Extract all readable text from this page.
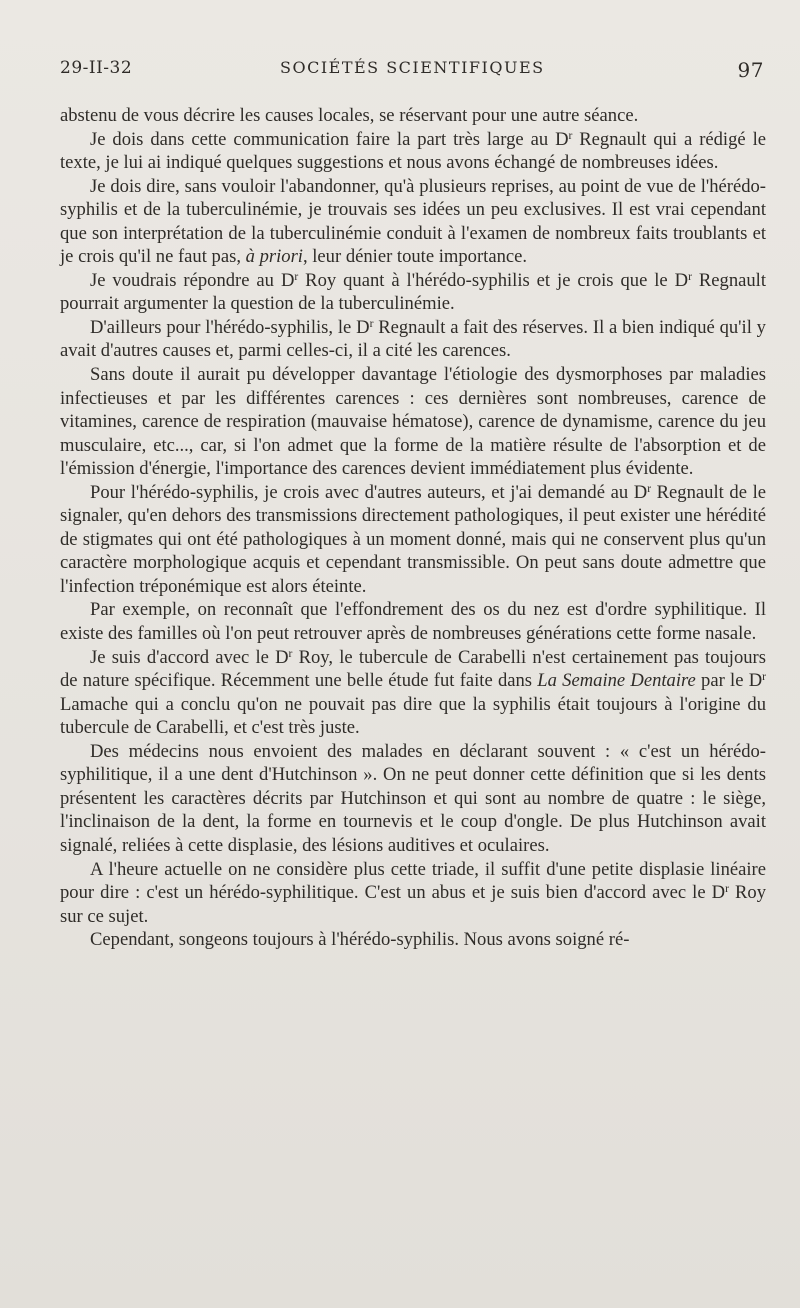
29-II-32	SOCIÉTÉS SCIENTIFIQUES	97

abstenu de vous décrire les causes locales, se réservant pour une autre séance.

Je dois dans cette communication faire la part très large au $D^r$ Regnault qui a rédigé le texte, je lui ai indiqué quelques suggestions et nous avons échangé de nombreuses idées.

Je dois dire, sans vouloir l'abandonner, qu'à plusieurs reprises, au point de vue de l'hérédo-syphilis et de la tuberculinémie, je trouvais ses idées un peu exclusives. Il est vrai cependant que son interprétation de la tuberculinémie conduit à l'examen de nombreux faits troublants et je crois qu'il ne faut pas, à priori, leur dénier toute importance.

Je voudrais répondre au $D^r$ Roy quant à l'hérédo-syphilis et je crois que le $D^r$ Regnault pourrait argumenter la question de la tuberculinémie.

D'ailleurs pour l'hérédo-syphilis, le $D^r$ Regnault a fait des réserves. Il a bien indiqué qu'il y avait d'autres causes et, parmi celles-ci, il a cité les carences.

Sans doute il aurait pu développer davantage l'étiologie des dysmorphoses par maladies infectieuses et par les différentes carences : ces dernières sont nombreuses, carence de vitamines, carence de respiration (mauvaise hématose), carence de dynamisme, carence du jeu musculaire, etc..., car, si l'on admet que la forme de la matière résulte de l'absorption et de l'émission d'énergie, l'importance des carences devient immédiatement plus évidente.

Pour l'hérédo-syphilis, je crois avec d'autres auteurs, et j'ai demandé au $D^r$ Regnault de le signaler, qu'en dehors des transmissions directement pathologiques, il peut exister une hérédité de stigmates qui ont été pathologiques à un moment donné, mais qui ne conservent plus qu'un caractère morphologique acquis et cependant transmissible. On peut sans doute admettre que l'infection tréponémique est alors éteinte.

Par exemple, on reconnaît que l'effondrement des os du nez est d'ordre syphilitique. Il existe des familles où l'on peut retrouver après de nombreuses générations cette forme nasale.

Je suis d'accord avec le $D^r$ Roy, le tubercule de Carabelli n'est certainement pas toujours de nature spécifique. Récemment une belle étude fut faite dans La Semaine Dentaire par le $D^r$ Lamache qui a conclu qu'on ne pouvait pas dire que la syphilis était toujours à l'origine du tubercule de Carabelli, et c'est très juste.

Des médecins nous envoient des malades en déclarant souvent : « c'est un hérédo-syphilitique, il a une dent d'Hutchinson ». On ne peut donner cette définition que si les dents présentent les caractères décrits par Hutchinson et qui sont au nombre de quatre : le siège, l'inclinaison de la dent, la forme en tournevis et le coup d'ongle. De plus Hutchinson avait signalé, reliées à cette displasie, des lésions auditives et oculaires.

A l'heure actuelle on ne considère plus cette triade, il suffit d'une petite displasie linéaire pour dire : c'est un hérédo-syphilitique. C'est un abus et je suis bien d'accord avec le $D^r$ Roy sur ce sujet.

Cependant, songeons toujours à l'hérédo-syphilis. Nous avons soigné ré-
